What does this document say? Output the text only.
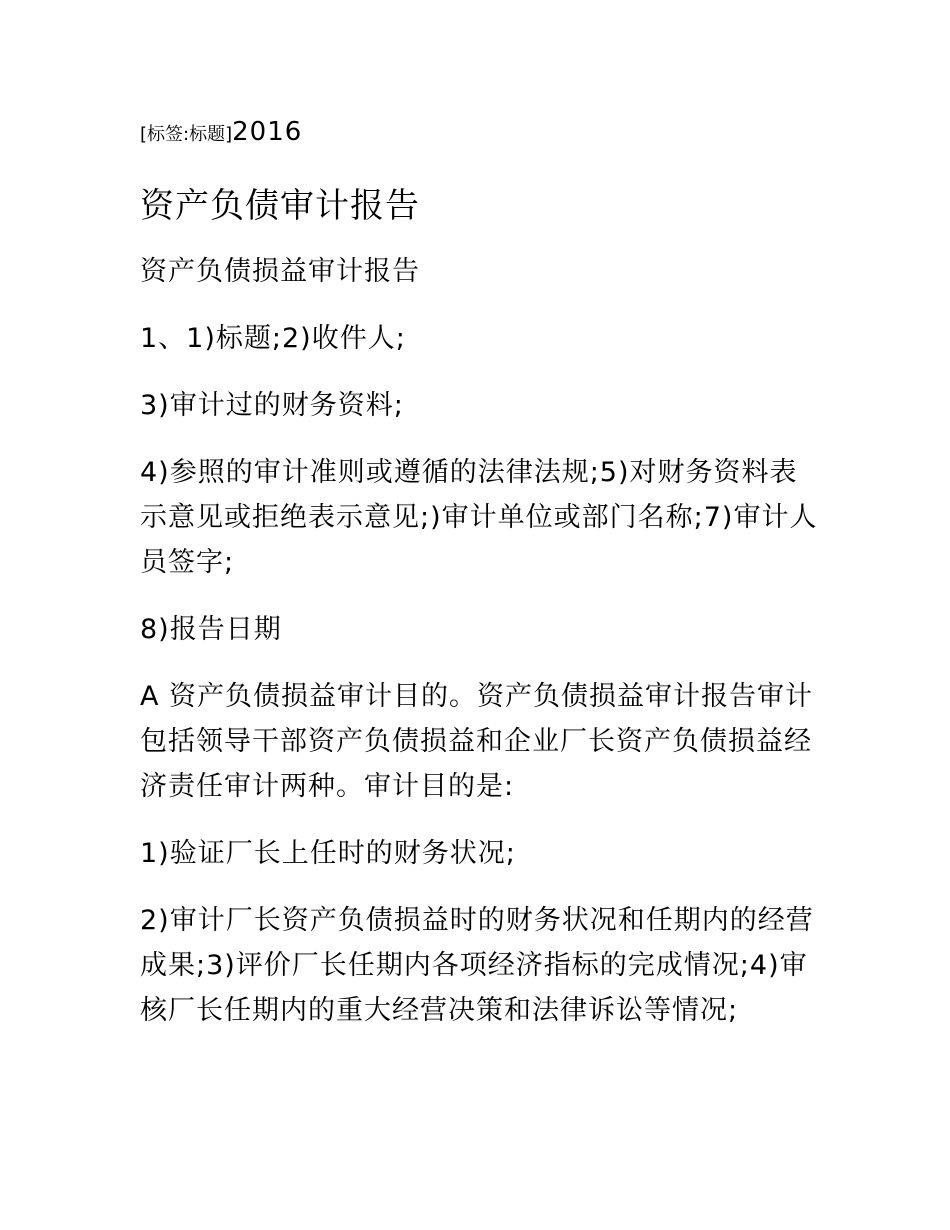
[标签:标题]2016

资产负债审计报告

资产负债损益审计报告

1、1)标题;2)收件人;

3)审计过的财务资料;

4)参照的审计准则或遵循的法律法规;5)对财务资料表示意见或拒绝表示意见;)审计单位或部门名称;7)审计人员签字;

8)报告日期

A 资产负债损益审计目的。资产负债损益审计报告审计包括领导干部资产负债损益和企业厂长资产负债损益经济责任审计两种。审计目的是:

1)验证厂长上任时的财务状况;

2)审计厂长资产负债损益时的财务状况和任期内的经营成果;3)评价厂长任期内各项经济指标的完成情况;4)审核厂长任期内的重大经营决策和法律诉讼等情况;
